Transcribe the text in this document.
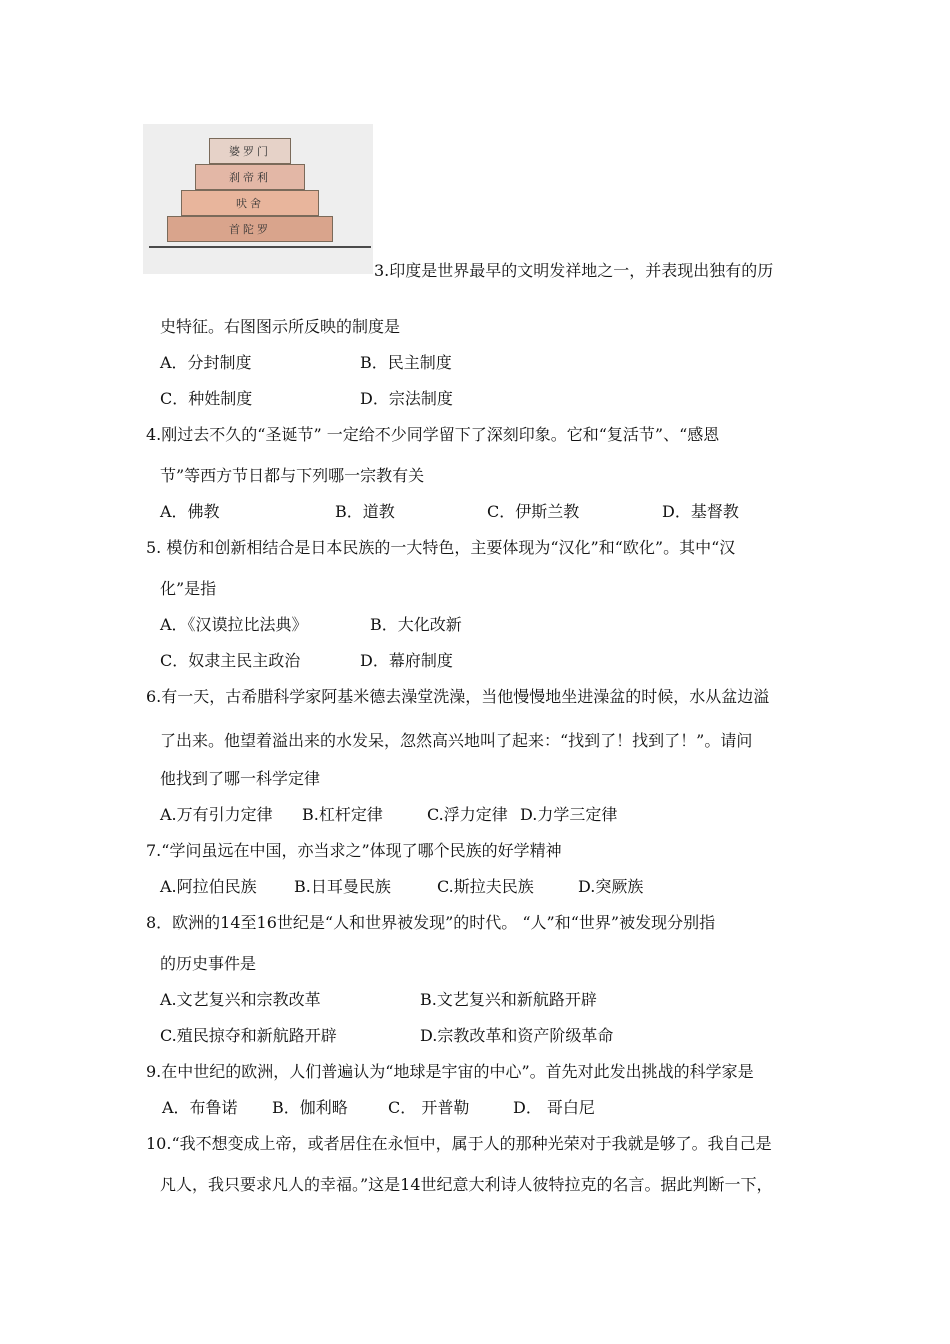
婆罗门
刹帝利
吠舍
首陀罗
3.印度是世界最早的文明发祥地之一，并表现出独有的历
史特征。右图图示所反映的制度是
A．分封制度	B．民主制度
C．种姓制度	D．宗法制度
4.刚过去不久的“圣诞节” 一定给不少同学留下了深刻印象。它和“复活节”、“感恩
节”等西方节日都与下列哪一宗教有关
A．佛教	B．道教	C．伊斯兰教	D．基督教
5. 模仿和创新相结合是日本民族的一大特色，主要体现为“汉化”和“欧化”。其中“汉
化”是指
A．《汉谟拉比法典》	B．大化改新
C．奴隶主民主政治	D．幕府制度
6.有一天，古希腊科学家阿基米德去澡堂洗澡，当他慢慢地坐进澡盆的时候，水从盆边溢
了出来。他望着溢出来的水发呆，忽然高兴地叫了起来：“找到了！找到了！”。请问
他找到了哪一科学定律
A.万有引力定律 B.杠杆定律	C.浮力定律 D.力学三定律
7.“学问虽远在中国，亦当求之”体现了哪个民族的好学精神
A.阿拉伯民族 B.日耳曼民族	C.斯拉夫民族	D.突厥族
8．欧洲的14至16世纪是“人和世界被发现”的时代。 “人”和“世界”被发现分别指
的历史事件是
A.文艺复兴和宗教改革	B.文艺复兴和新航路开辟
C.殖民掠夺和新航路开辟	D.宗教改革和资产阶级革命
9.在中世纪的欧洲，人们普遍认为“地球是宇宙的中心”。首先对此发出挑战的科学家是
A．布鲁诺 B．伽利略	C． 开普勒	D． 哥白尼
10.“我不想变成上帝，或者居住在永恒中，属于人的那种光荣对于我就是够了。我自己是
凡人，我只要求凡人的幸福。”这是14世纪意大利诗人彼特拉克的名言。据此判断一下，
